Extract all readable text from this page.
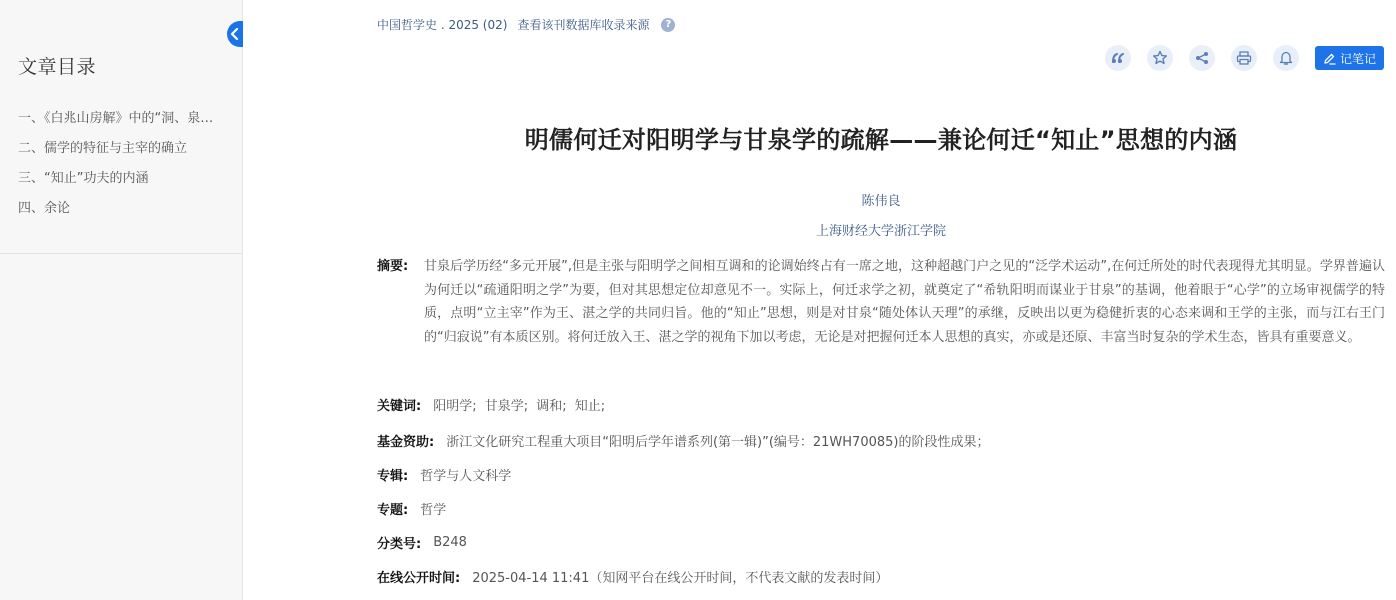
文章目录
一、《白兆山房解》中的“洞、泉…
二、儒学的特征与主宰的确立
三、“知止”功夫的内涵
四、余论
中国哲学史 . 2025 (02) 查看该刊数据库收录来源	?
记笔记
明儒何迁对阳明学与甘泉学的疏解——兼论何迁“知止”思想的内涵
陈伟良
上海财经大学浙江学院
摘要:	甘泉后学历经“多元开展”,但是主张与阳明学之间相互调和的论调始终占有一席之地，这种超越门户之见的“泛学术运动”,在何迁所处的时代表现得尤其明显。学界普遍认为何迁以“疏通阳明之学”为要，但对其思想定位却意见不一。实际上，何迁求学之初，就奠定了“希轨阳明而谋业于甘泉”的基调，他着眼于“心学”的立场审视儒学的特质，点明“立主宰”作为王、湛之学的共同归旨。他的“知止”思想，则是对甘泉“随处体认天理”的承继，反映出以更为稳健折衷的心态来调和王学的主张，而与江右王门的“归寂说”有本质区别。将何迁放入王、湛之学的视角下加以考虑，无论是对把握何迁本人思想的真实，亦或是还原、丰富当时复杂的学术生态，皆具有重要意义。
关键词: 阳明学; 甘泉学; 调和; 知止;
基金资助: 浙江文化研究工程重大项目“阳明后学年谱系列(第一辑)”(编号：21WH70085)的阶段性成果；
专辑: 哲学与人文科学
专题: 哲学
分类号: B248
在线公开时间: 2025-04-14 11:41（知网平台在线公开时间，不代表文献的发表时间）
